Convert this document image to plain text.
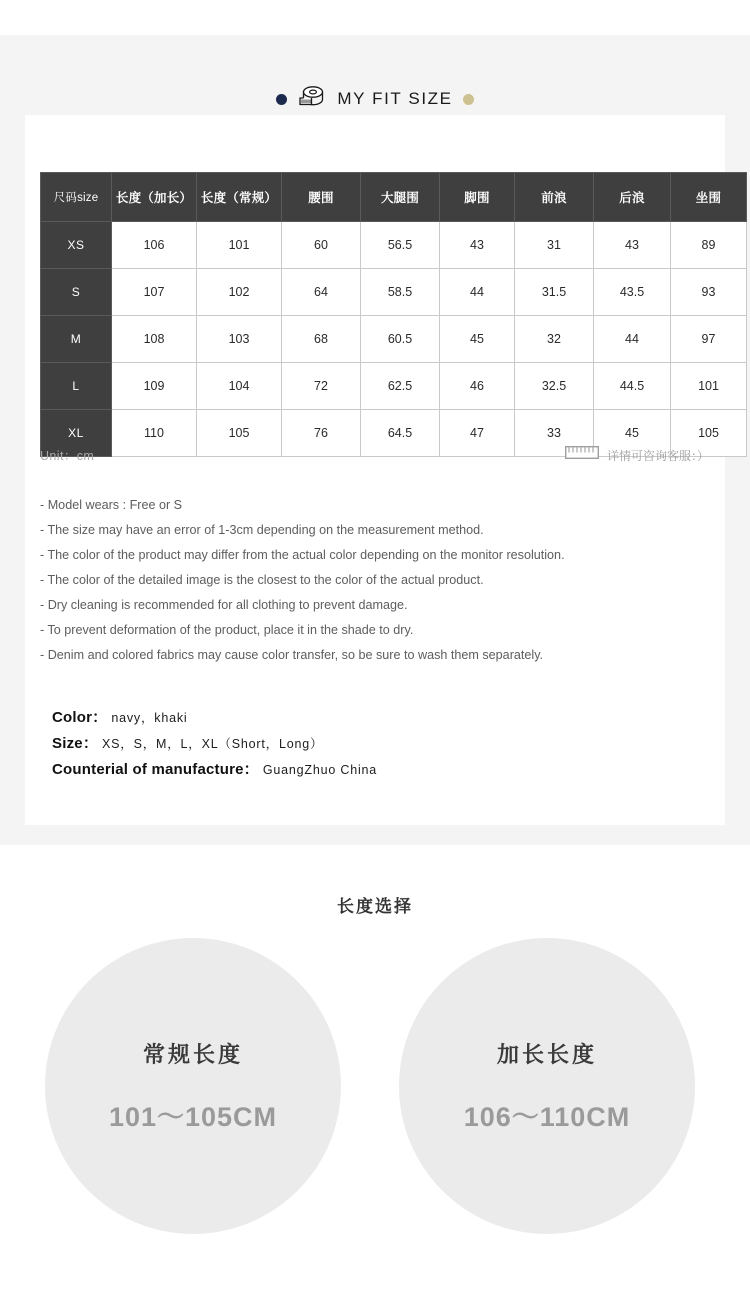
MY FIT SIZE
尺码size	长度（加长）	长度（常规）	腰围	大腿围	脚围	前浪	后浪	坐围
XS	106	101	60	56.5	43	31	43	89
S	107	102	64	58.5	44	31.5	43.5	93
M	108	103	68	60.5	45	32	44	97
L	109	104	72	62.5	46	32.5	44.5	101
XL	110	105	76	64.5	47	33	45	105
Unit：cm	详情可咨询客服：）
- Model wears : Free or S
- The size may have an error of 1-3cm depending on the measurement method.
- The color of the product may differ from the actual color depending on the monitor resolution.
- The color of the detailed image is the closest to the color of the actual product.
- Dry cleaning is recommended for all clothing to prevent damage.
- To prevent deformation of the product, place it in the shade to dry.
- Denim and colored fabrics may cause color transfer, so be sure to wash them separately.
Color： navy，khaki
Size： XS，S，M，L，XL（Short，Long）
Counterial of manufacture： GuangZhuo China
长度选择
常规长度
101～105CM
加长长度
106～110CM
